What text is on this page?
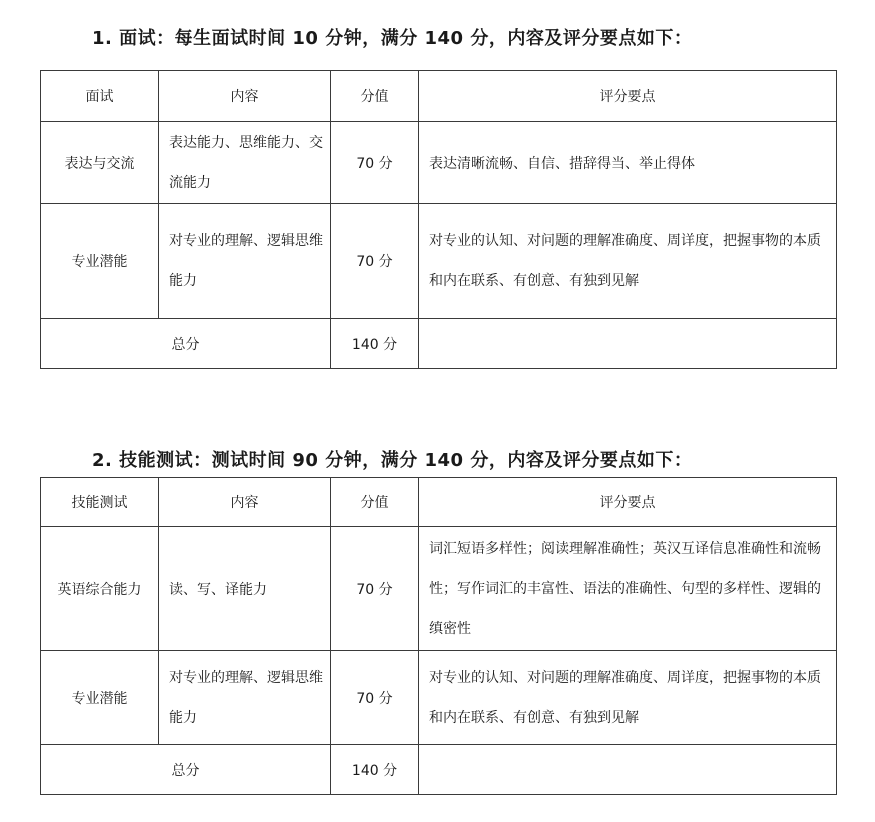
1. 面试：每生面试时间 10 分钟，满分 140 分，内容及评分要点如下：
面试	内容	分值	评分要点
表达与交流	表达能力、思维能力、交流能力	70 分	表达清晰流畅、自信、措辞得当、举止得体
专业潜能	对专业的理解、逻辑思维能力	70 分	对专业的认知、对问题的理解准确度、周详度，把握事物的本质和内在联系、有创意、有独到见解
总分		140 分	
2. 技能测试：测试时间 90 分钟，满分 140 分，内容及评分要点如下：
技能测试	内容	分值	评分要点
英语综合能力	读、写、译能力	70 分	词汇短语多样性；阅读理解准确性；英汉互译信息准确性和流畅性；写作词汇的丰富性、语法的准确性、句型的多样性、逻辑的缜密性
专业潜能	对专业的理解、逻辑思维能力	70 分	对专业的认知、对问题的理解准确度、周详度，把握事物的本质和内在联系、有创意、有独到见解
总分		140 分	
